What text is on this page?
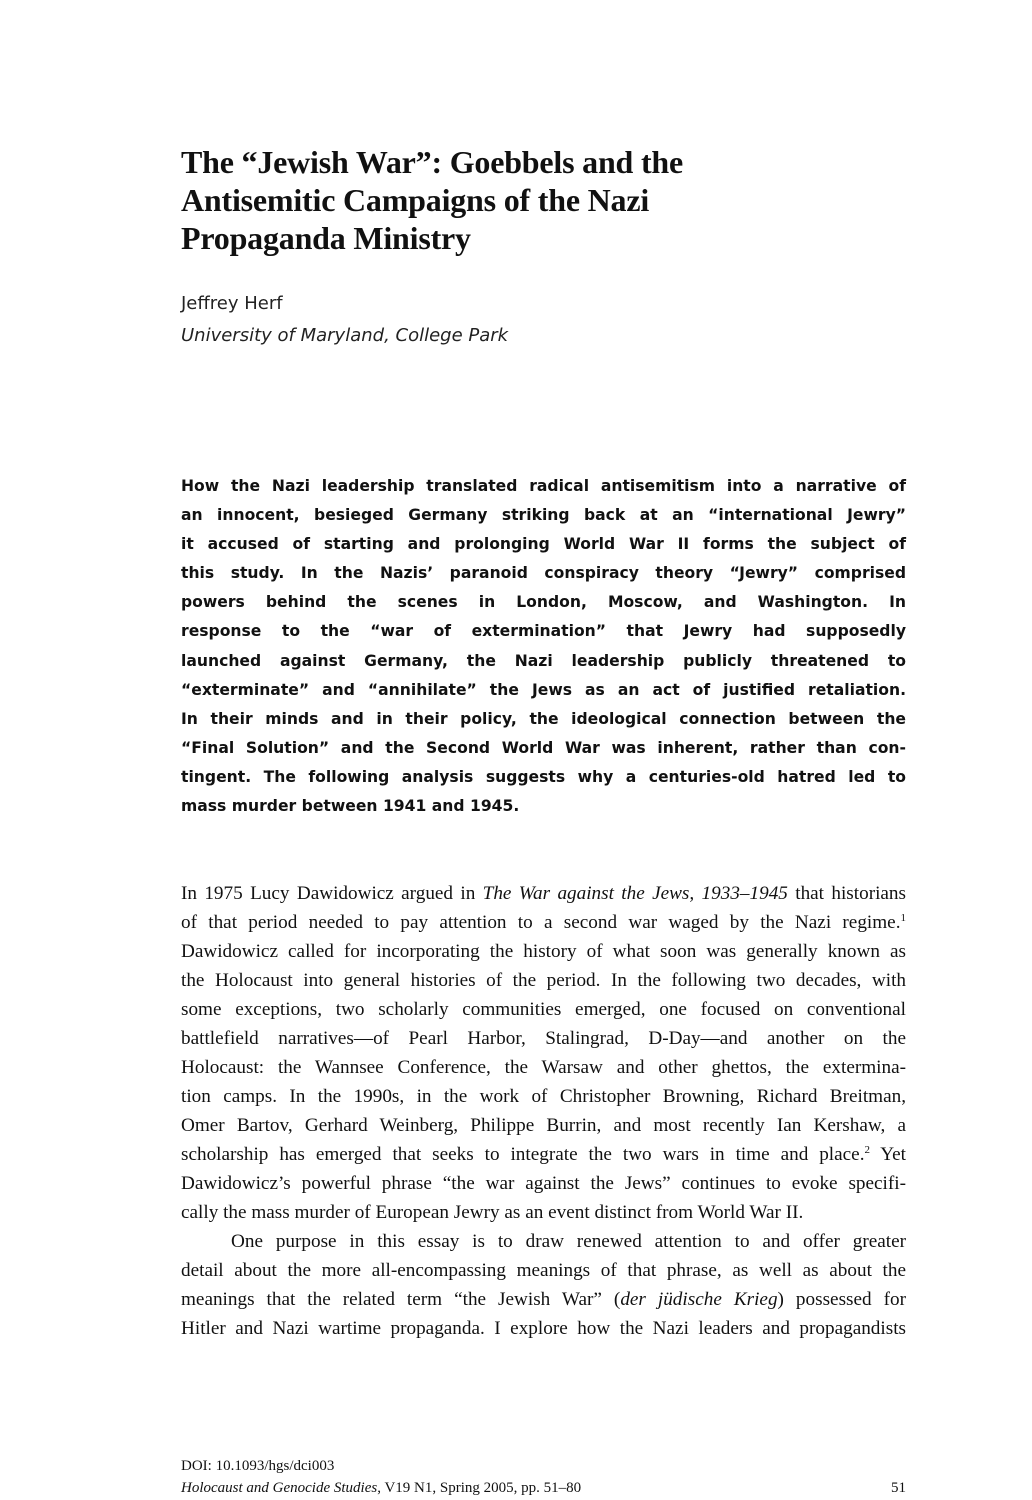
The “Jewish War”: Goebbels and the
Antisemitic Campaigns of the Nazi
Propaganda Ministry
Jeffrey Herf
University of Maryland, College Park
How the Nazi leadership translated radical antisemitism into a narrative of
an innocent, besieged Germany striking back at an “international Jewry”
it accused of starting and prolonging World War II forms the subject of
this study. In the Nazis’ paranoid conspiracy theory “Jewry” comprised
powers behind the scenes in London, Moscow, and Washington. In
response to the “war of extermination” that Jewry had supposedly
launched against Germany, the Nazi leadership publicly threatened to
“exterminate” and “annihilate” the Jews as an act of justified retaliation.
In their minds and in their policy, the ideological connection between the
“Final Solution” and the Second World War was inherent, rather than con-
tingent. The following analysis suggests why a centuries-old hatred led to
mass murder between 1941 and 1945.
In 1975 Lucy Dawidowicz argued in The War against the Jews, 1933–1945 that historians
of that period needed to pay attention to a second war waged by the Nazi regime.$^1$
Dawidowicz called for incorporating the history of what soon was generally known as
the Holocaust into general histories of the period. In the following two decades, with
some exceptions, two scholarly communities emerged, one focused on conventional
battlefield narratives—of Pearl Harbor, Stalingrad, D-Day—and another on the
Holocaust: the Wannsee Conference, the Warsaw and other ghettos, the extermina-
tion camps. In the 1990s, in the work of Christopher Browning, Richard Breitman,
Omer Bartov, Gerhard Weinberg, Philippe Burrin, and most recently Ian Kershaw, a
scholarship has emerged that seeks to integrate the two wars in time and place.$^2$ Yet
Dawidowicz’s powerful phrase “the war against the Jews” continues to evoke specifi-
cally the mass murder of European Jewry as an event distinct from World War II.
One purpose in this essay is to draw renewed attention to and offer greater
detail about the more all-encompassing meanings of that phrase, as well as about the
meanings that the related term “the Jewish War” (der jüdische Krieg) possessed for
Hitler and Nazi wartime propaganda. I explore how the Nazi leaders and propagandists
DOI: 10.1093/hgs/dci003
Holocaust and Genocide Studies, V19 N1, Spring 2005, pp. 51–80	51
